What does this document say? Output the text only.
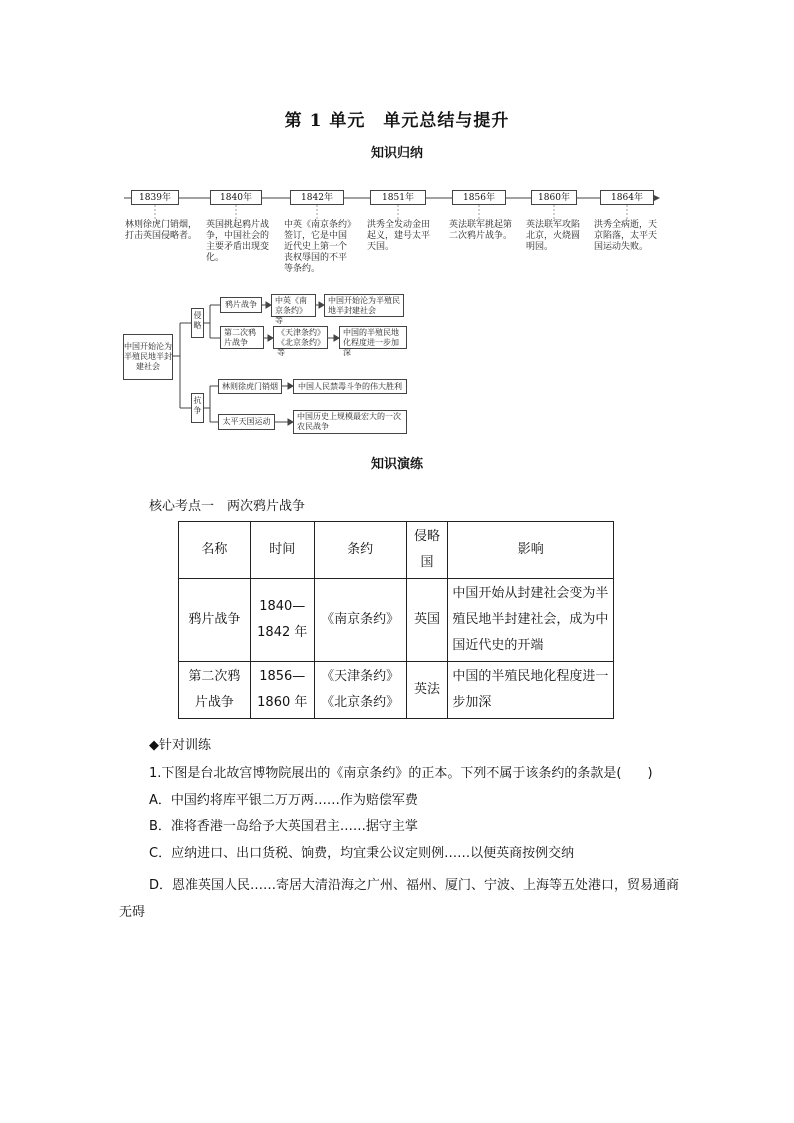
第 1 单元　单元总结与提升
知识归纳
1839年	1840年	1842年	1851年	1856年	1860年	1864年
林则徐虎门销烟，打击英国侵略者。
英国挑起鸦片战争，中国社会的主要矛盾出现变化。
中英《南京条约》签订，它是中国近代史上第一个丧权辱国的不平等条约。
洪秀全发动金田起义，建号太平天国。
英法联军挑起第二次鸦片战争。
英法联军攻陷北京，火烧圆明园。
洪秀全病逝，天京陷落，太平天国运动失败。
中国开始沦为半殖民地半封建社会
侵略
抗争
鸦片战争	中英《南京条约》等
中国开始沦为半殖民地半封建社会
第二次鸦片战争
《天津条约》《北京条约》等
中国的半殖民地化程度进一步加深
林则徐虎门销烟	中国人民禁毒斗争的伟大胜利
太平天国运动
中国历史上规模最宏大的一次农民战争
知识演练
核心考点一　两次鸦片战争
名称	时间	条约	侵略国	影响
鸦片战争	1840—1842 年	《南京条约》	英国	中国开始从封建社会变为半殖民地半封建社会，成为中国近代史的开端
第二次鸦片战争	1856—1860 年	《天津条约》《北京条约》	英法	中国的半殖民地化程度进一步加深
◆针对训练
1.下图是台北故宫博物院展出的《南京条约》的正本。下列不属于该条约的条款是(　　)
A．中国约将库平银二万万两……作为赔偿军费
B．准将香港一岛给予大英国君主……据守主掌
C．应纳进口、出口货税、饷费，均宜秉公议定则例……以便英商按例交纳
D．恩准英国人民……寄居大清沿海之广州、福州、厦门、宁波、上海等五处港口，贸易通商无碍
